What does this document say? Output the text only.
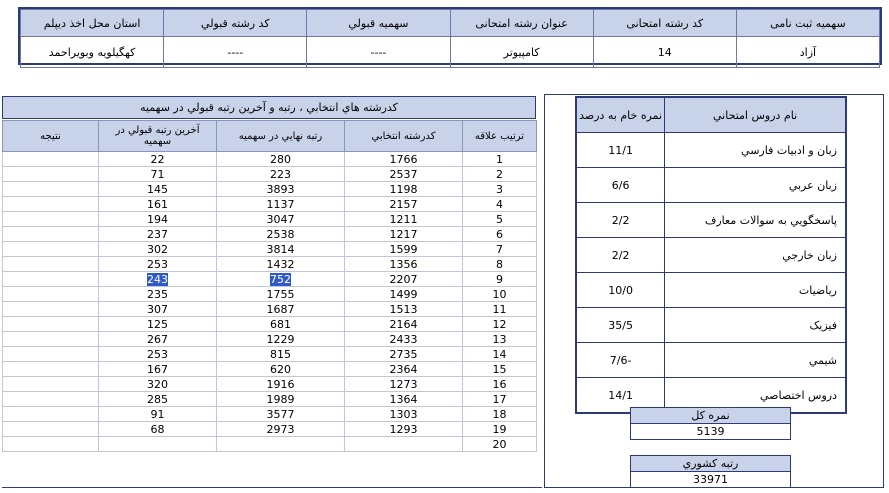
سهمیه ثبت نامی	کد رشته امتحانی	عنوان رشته امتحانی	سهمیه قبولي	كد رشته قبولي	استان محل اخذ دیپلم
آزاد	14	کامپیوتر	----	----	کهگیلویه وبویراحمد
کدرشته هاي انتخابي ، رتبه و آخرين رتبه قبولي در سهميه
ترتيب علاقه	کدرشته انتخابي	رتبه نهايي در سهميه	آخرين رتبه قبولي در سهميه	نتيجه
1	1766	280	22	
2	2537	223	71	
3	1198	3893	145	
4	2157	1137	161	
5	1211	3047	194	
6	1217	2538	237	
7	1599	3814	302	
8	1356	1432	253	
9	2207	752	243	
10	1499	1755	235	
11	1513	1687	307	
12	2164	681	125	
13	2433	1229	267	
14	2735	815	253	
15	2364	620	167	
16	1273	1916	320	
17	1364	1989	285	
18	1303	3577	91	
19	1293	2973	68	
20				
نام دروس امتحاني	نمره خام به درصد
زبان و ادبيات فارسي	11/1
زبان عربي	6/6
پاسخگويي به سوالات معارف	2/2
زبان خارجي	2/2
رياضيات	10/0
فيزيک	35/5
شيمي	-7/6
دروس اختصاصي	14/1
نمره کل
5139
رتبه کشوري
33971
